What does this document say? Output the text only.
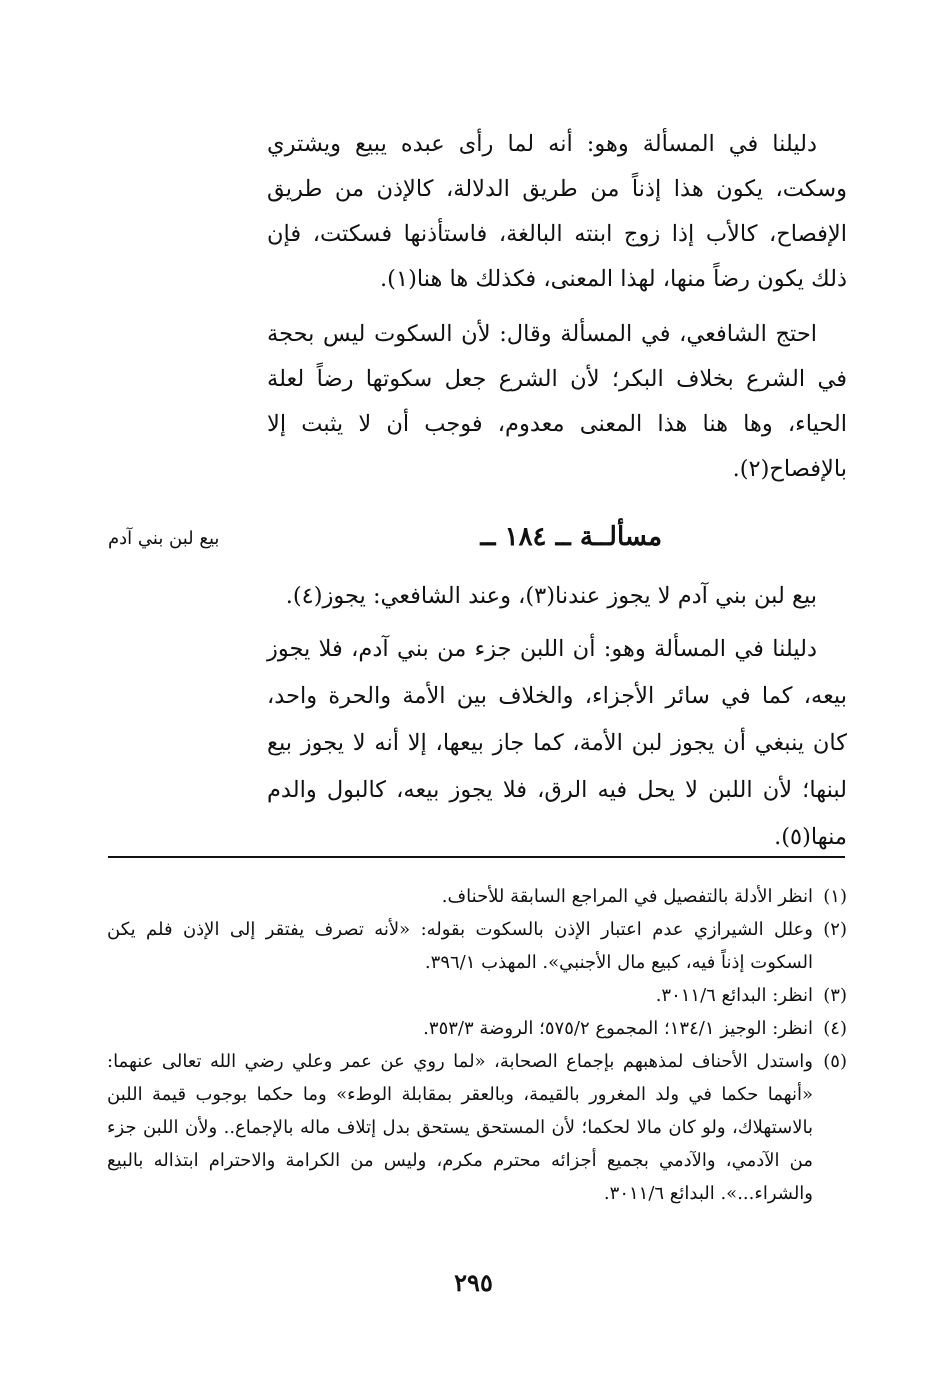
دليلنا في المسألة وهو: أنه لما رأى عبده يبيع ويشتري وسكت، يكون هذا إذناً من طريق الدلالة، كالإذن من طريق الإفصاح، كالأب إذا زوج ابنته البالغة، فاستأذنها فسكتت، فإن ذلك يكون رضاً منها، لهذا المعنى، فكذلك ها هنا(١).

احتج الشافعي، في المسألة وقال: لأن السكوت ليس بحجة في الشرع بخلاف البكر؛ لأن الشرع جعل سكوتها رضاً لعلة الحياء، وها هنا هذا المعنى معدوم، فوجب أن لا يثبت إلا بالإفصاح(٢).

مسألــة ــ ١٨٤ ــ
بيع لبن بني آدم

بيع لبن بني آدم لا يجوز عندنا(٣)، وعند الشافعي: يجوز(٤).

دليلنا في المسألة وهو: أن اللبن جزء من بني آدم، فلا يجوز بيعه، كما في سائر الأجزاء، والخلاف بين الأمة والحرة واحد، كان ينبغي أن يجوز لبن الأمة، كما جاز بيعها، إلا أنه لا يجوز بيع لبنها؛ لأن اللبن لا يحل فيه الرق، فلا يجوز بيعه، كالبول والدم منها(٥).

(١)
انظر الأدلة بالتفصيل في المراجع السابقة للأحناف.
(٢)
وعلل الشيرازي عدم اعتبار الإذن بالسكوت بقوله: «لأنه تصرف يفتقر إلى الإذن فلم يكن السكوت إذناً فيه، كبيع مال الأجنبي». المهذب ٣٩٦/١.
(٣)
انظر: البدائع ٣٠١١/٦.
(٤)
انظر: الوجيز ١٣٤/١؛ المجموع ٥٧٥/٢؛ الروضة ٣٥٣/٣.
(٥)
واستدل الأحناف لمذهبهم بإجماع الصحابة، «لما روي عن عمر وعلي رضي الله تعالى عنهما: «أنهما حكما في ولد المغرور بالقيمة، وبالعقر بمقابلة الوطء» وما حكما بوجوب قيمة اللبن بالاستهلاك، ولو كان مالا لحكما؛ لأن المستحق يستحق بدل إتلاف ماله بالإجماع.. ولأن اللبن جزء من الآدمي، والآدمي بجميع أجزائه محترم مكرم، وليس من الكرامة والاحترام ابتذاله بالبيع والشراء...». البدائع ٣٠١١/٦.
٢٩٥
